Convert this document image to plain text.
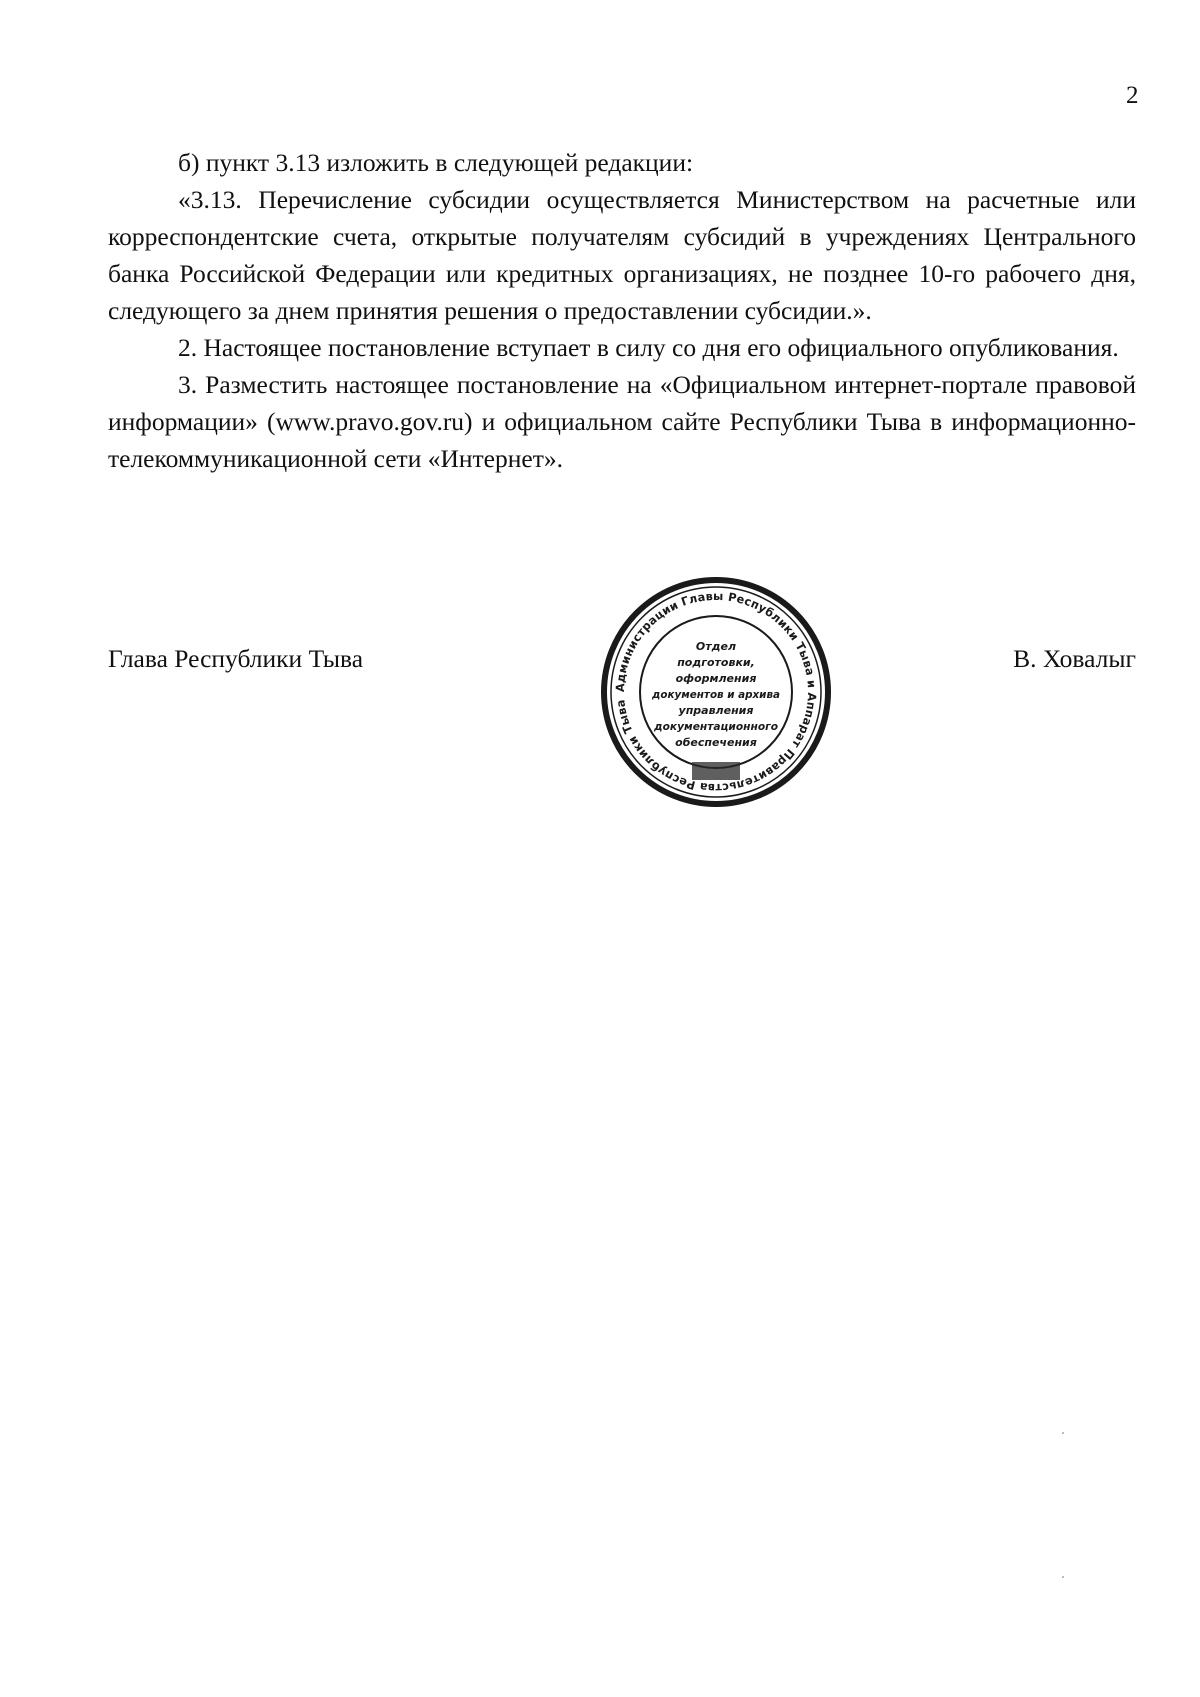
2

б) пункт 3.13 изложить в следующей редакции:

«3.13. Перечисление субсидии осуществляется Министерством на расчетные или корреспондентские счета, открытые получателям субсидий в учреждениях Центрального банка Российской Федерации или кредитных организациях, не позднее 10-го рабочего дня, следующего за днем принятия решения о предоставлении субсидии.».

2. Настоящее постановление вступает в силу со дня его официального опубликования.

3. Разместить настоящее постановление на «Официальном интернет-портале правовой информации» (www.pravo.gov.ru) и официальном сайте Республики Тыва в информационно-телекоммуникационной сети «Интернет».

Глава Республики Тыва	В. Ховалыг
Администрации Главы Республики Тыва и Аппарат Правительства Республики Тыва
Отдел
подготовки,
оформления
документов и архива
управления
документационного
обеспечения
